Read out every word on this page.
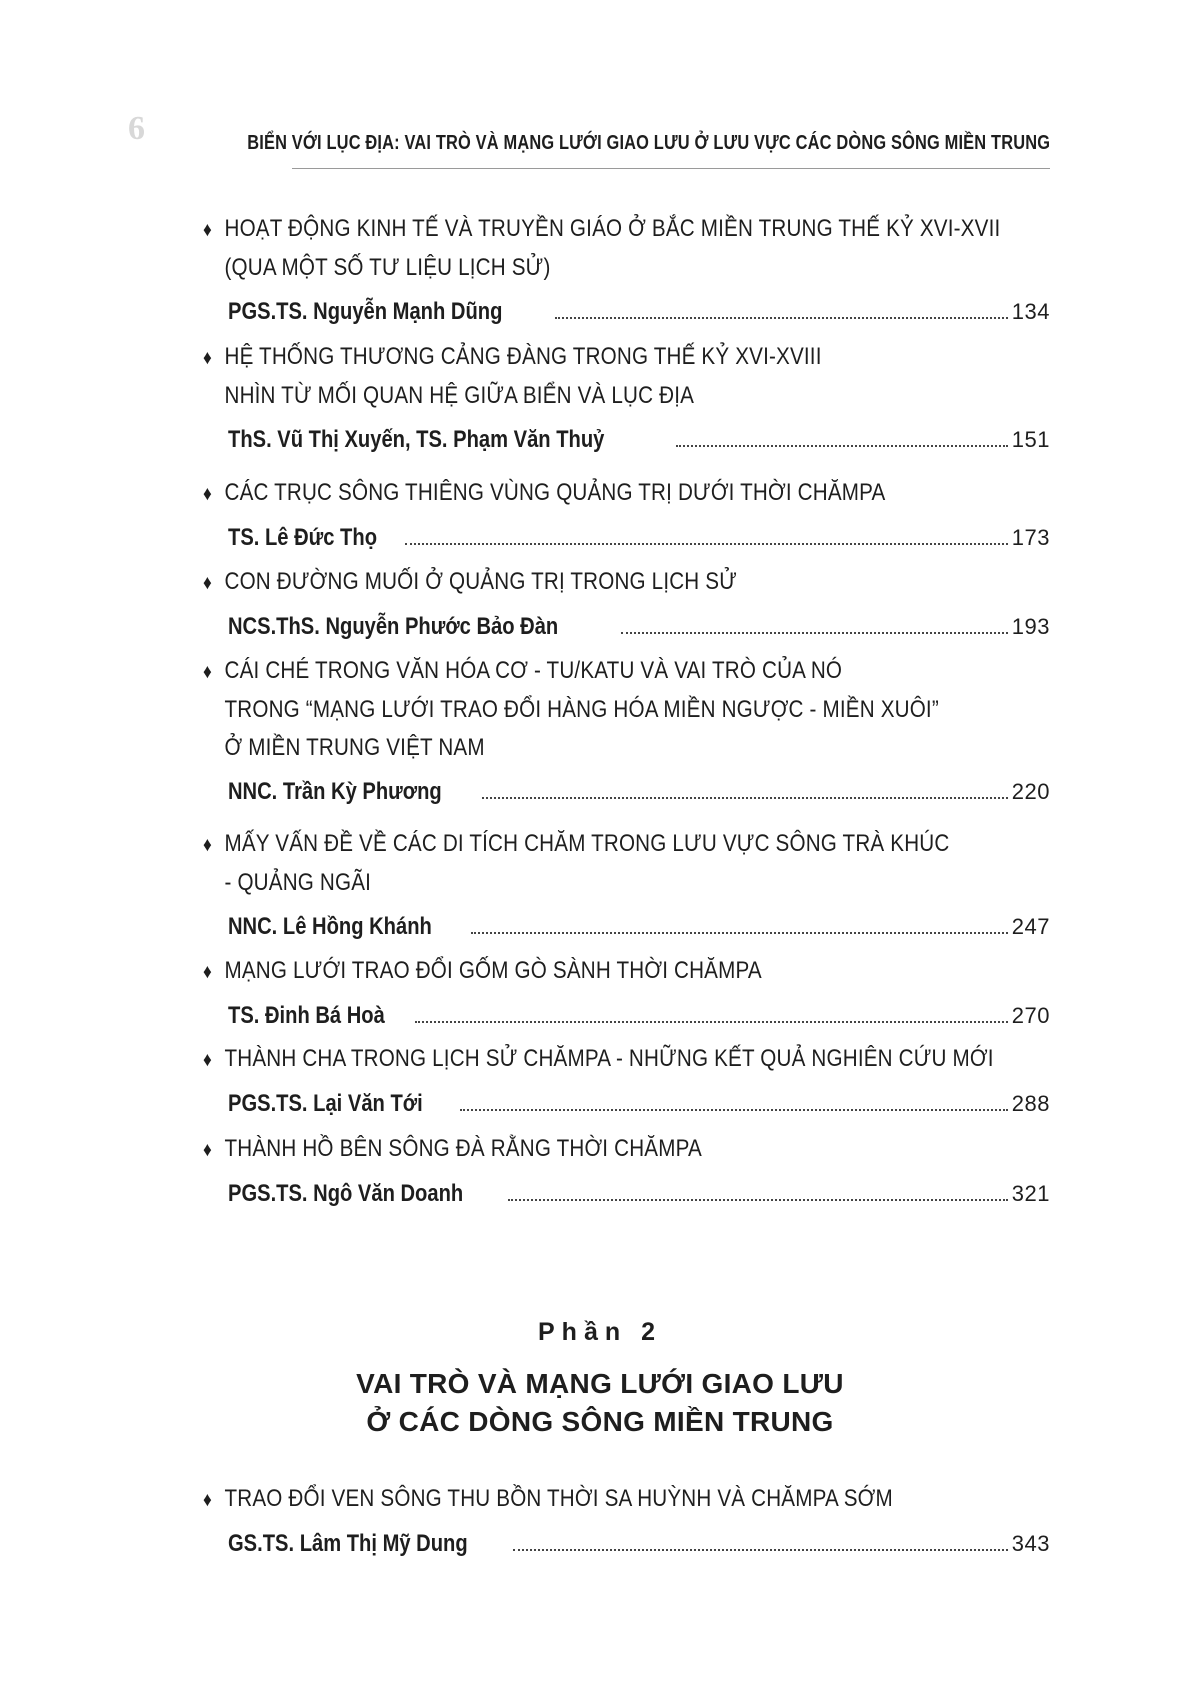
6	BIỂN VỚI LỤC ĐỊA: VAI TRÒ VÀ MẠNG LƯỚI GIAO LƯU Ở LƯU VỰC CÁC DÒNG SÔNG MIỀN TRUNG
♦ HOẠT ĐỘNG KINH TẾ VÀ TRUYỀN GIÁO Ở BẮC MIỀN TRUNG THẾ KỶ XVI-XVII
(QUA MỘT SỐ TƯ LIỆU LỊCH SỬ)
PGS.TS. Nguyễn Mạnh Dũng	134
♦ HỆ THỐNG THƯƠNG CẢNG ĐÀNG TRONG THẾ KỶ XVI-XVIII
NHÌN TỪ MỐI QUAN HỆ GIỮA BIỂN VÀ LỤC ĐỊA
ThS. Vũ Thị Xuyến, TS. Phạm Văn Thuỷ	151
♦ CÁC TRỤC SÔNG THIÊNG VÙNG QUẢNG TRỊ DƯỚI THỜI CHĂMPA
TS. Lê Đức Thọ	173
♦ CON ĐƯỜNG MUỐI Ở QUẢNG TRỊ TRONG LỊCH SỬ
NCS.ThS. Nguyễn Phước Bảo Đàn	193
♦ CÁI CHÉ TRONG VĂN HÓA CƠ - TU/KATU VÀ VAI TRÒ CỦA NÓ
TRONG “MẠNG LƯỚI TRAO ĐỔI HÀNG HÓA MIỀN NGƯỢC - MIỀN XUÔI”
Ở MIỀN TRUNG VIỆT NAM
NNC. Trần Kỳ Phương	220
♦ MẤY VẤN ĐỀ VỀ CÁC DI TÍCH CHĂM TRONG LƯU VỰC SÔNG TRÀ KHÚC
- QUẢNG NGÃI
NNC. Lê Hồng Khánh	247
♦ MẠNG LƯỚI TRAO ĐỔI GỐM GÒ SÀNH THỜI CHĂMPA
TS. Đinh Bá Hoà	270
♦ THÀNH CHA TRONG LỊCH SỬ CHĂMPA - NHỮNG KẾT QUẢ NGHIÊN CỨU MỚI
PGS.TS. Lại Văn Tới	288
♦ THÀNH HỒ BÊN SÔNG ĐÀ RẰNG THỜI CHĂMPA
PGS.TS. Ngô Văn Doanh	321
♦ TRAO ĐỔI VEN SÔNG THU BỒN THỜI SA HUỲNH VÀ CHĂMPA SỚM
GS.TS. Lâm Thị Mỹ Dung	343
Phần 2
VAI TRÒ VÀ MẠNG LƯỚI GIAO LƯU
Ở CÁC DÒNG SÔNG MIỀN TRUNG
